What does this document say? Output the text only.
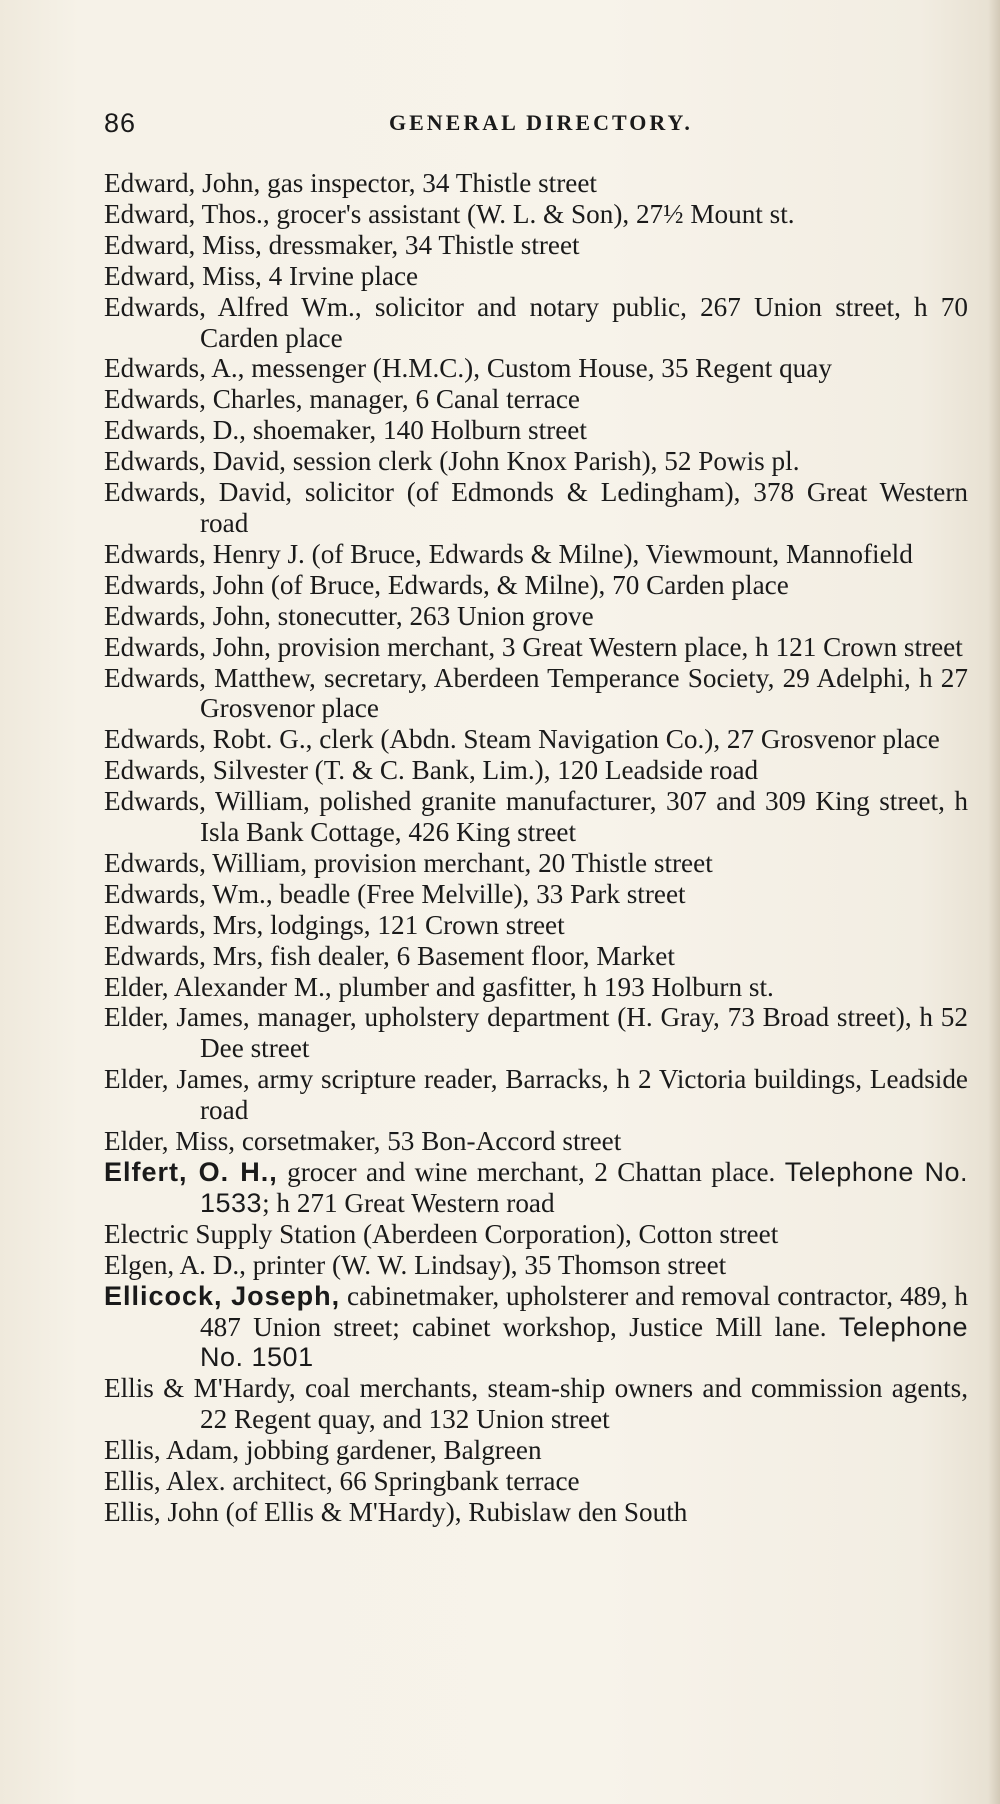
86	GENERAL DIRECTORY.
Edward, John, gas inspector, 34 Thistle street
Edward, Thos., grocer's assistant (W. L. & Son), 27½ Mount st.
Edward, Miss, dressmaker, 34 Thistle street
Edward, Miss, 4 Irvine place
Edwards, Alfred Wm., solicitor and notary public, 267 Union street, h 70 Carden place
Edwards, A., messenger (H.M.C.), Custom House, 35 Regent quay
Edwards, Charles, manager, 6 Canal terrace
Edwards, D., shoemaker, 140 Holburn street
Edwards, David, session clerk (John Knox Parish), 52 Powis pl.
Edwards, David, solicitor (of Edmonds & Ledingham), 378 Great Western road
Edwards, Henry J. (of Bruce, Edwards & Milne), Viewmount, Mannofield
Edwards, John (of Bruce, Edwards, & Milne), 70 Carden place
Edwards, John, stonecutter, 263 Union grove
Edwards, John, provision merchant, 3 Great Western place, h 121 Crown street
Edwards, Matthew, secretary, Aberdeen Temperance Society, 29 Adelphi, h 27 Grosvenor place
Edwards, Robt. G., clerk (Abdn. Steam Navigation Co.), 27 Grosvenor place
Edwards, Silvester (T. & C. Bank, Lim.), 120 Leadside road
Edwards, William, polished granite manufacturer, 307 and 309 King street, h Isla Bank Cottage, 426 King street
Edwards, William, provision merchant, 20 Thistle street
Edwards, Wm., beadle (Free Melville), 33 Park street
Edwards, Mrs, lodgings, 121 Crown street
Edwards, Mrs, fish dealer, 6 Basement floor, Market
Elder, Alexander M., plumber and gasfitter, h 193 Holburn st.
Elder, James, manager, upholstery department (H. Gray, 73 Broad street), h 52 Dee street
Elder, James, army scripture reader, Barracks, h 2 Victoria buildings, Leadside road
Elder, Miss, corsetmaker, 53 Bon-Accord street
Elfert, O. H., grocer and wine merchant, 2 Chattan place. Telephone No. 1533; h 271 Great Western road
Electric Supply Station (Aberdeen Corporation), Cotton street
Elgen, A. D., printer (W. W. Lindsay), 35 Thomson street
Ellicock, Joseph, cabinetmaker, upholsterer and removal contractor, 489, h 487 Union street; cabinet workshop, Justice Mill lane. Telephone No. 1501
Ellis & M'Hardy, coal merchants, steam-ship owners and commission agents, 22 Regent quay, and 132 Union street
Ellis, Adam, jobbing gardener, Balgreen
Ellis, Alex. architect, 66 Springbank terrace
Ellis, John (of Ellis & M'Hardy), Rubislaw den South
